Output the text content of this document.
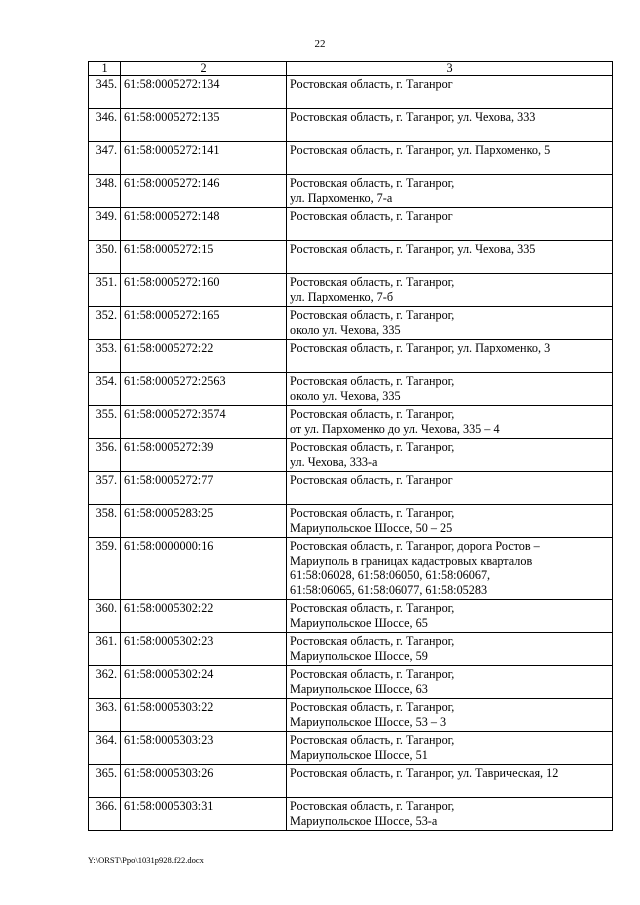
22
1	2	3
345.	61:58:0005272:134	Ростовская область, г. Таганрог

346.	61:58:0005272:135	Ростовская область, г. Таганрог, ул. Чехова, 333

347.	61:58:0005272:141	Ростовская область, г. Таганрог, ул. Пархоменко, 5

348.	61:58:0005272:146	Ростовская область, г. Таганрог,
ул. Пархоменко, 7-а

349.	61:58:0005272:148	Ростовская область, г. Таганрог

350.	61:58:0005272:15	Ростовская область, г. Таганрог, ул. Чехова, 335

351.	61:58:0005272:160	Ростовская область, г. Таганрог,
ул. Пархоменко, 7-б

352.	61:58:0005272:165	Ростовская область, г. Таганрог,
около ул. Чехова, 335

353.	61:58:0005272:22	Ростовская область, г. Таганрог, ул. Пархоменко, 3

354.	61:58:0005272:2563	Ростовская область, г. Таганрог,
около ул. Чехова, 335

355.	61:58:0005272:3574	Ростовская область, г. Таганрог,
от ул. Пархоменко до ул. Чехова, 335 – 4

356.	61:58:0005272:39	Ростовская область, г. Таганрог,
ул. Чехова, 333-а

357.	61:58:0005272:77	Ростовская область, г. Таганрог

358.	61:58:0005283:25	Ростовская область, г. Таганрог,
Мариупольское Шоссе, 50 – 25

359.	61:58:0000000:16	Ростовская область, г. Таганрог, дорога Ростов –
Мариуполь в границах кадастровых кварталов
61:58:06028, 61:58:06050, 61:58:06067,
61:58:06065, 61:58:06077, 61:58:05283

360.	61:58:0005302:22	Ростовская область, г. Таганрог,
Мариупольское Шоссе, 65

361.	61:58:0005302:23	Ростовская область, г. Таганрог,
Мариупольское Шоссе, 59

362.	61:58:0005302:24	Ростовская область, г. Таганрог,
Мариупольское Шоссе, 63

363.	61:58:0005303:22	Ростовская область, г. Таганрог,
Мариупольское Шоссе, 53 – 3

364.	61:58:0005303:23	Ростовская область, г. Таганрог,
Мариупольское Шоссе, 51

365.	61:58:0005303:26	Ростовская область, г. Таганрог, ул. Таврическая, 12

366.	61:58:0005303:31	Ростовская область, г. Таганрог,
Мариупольское Шоссе, 53-а
Y:\ORST\Ppo\1031p928.f22.docx
